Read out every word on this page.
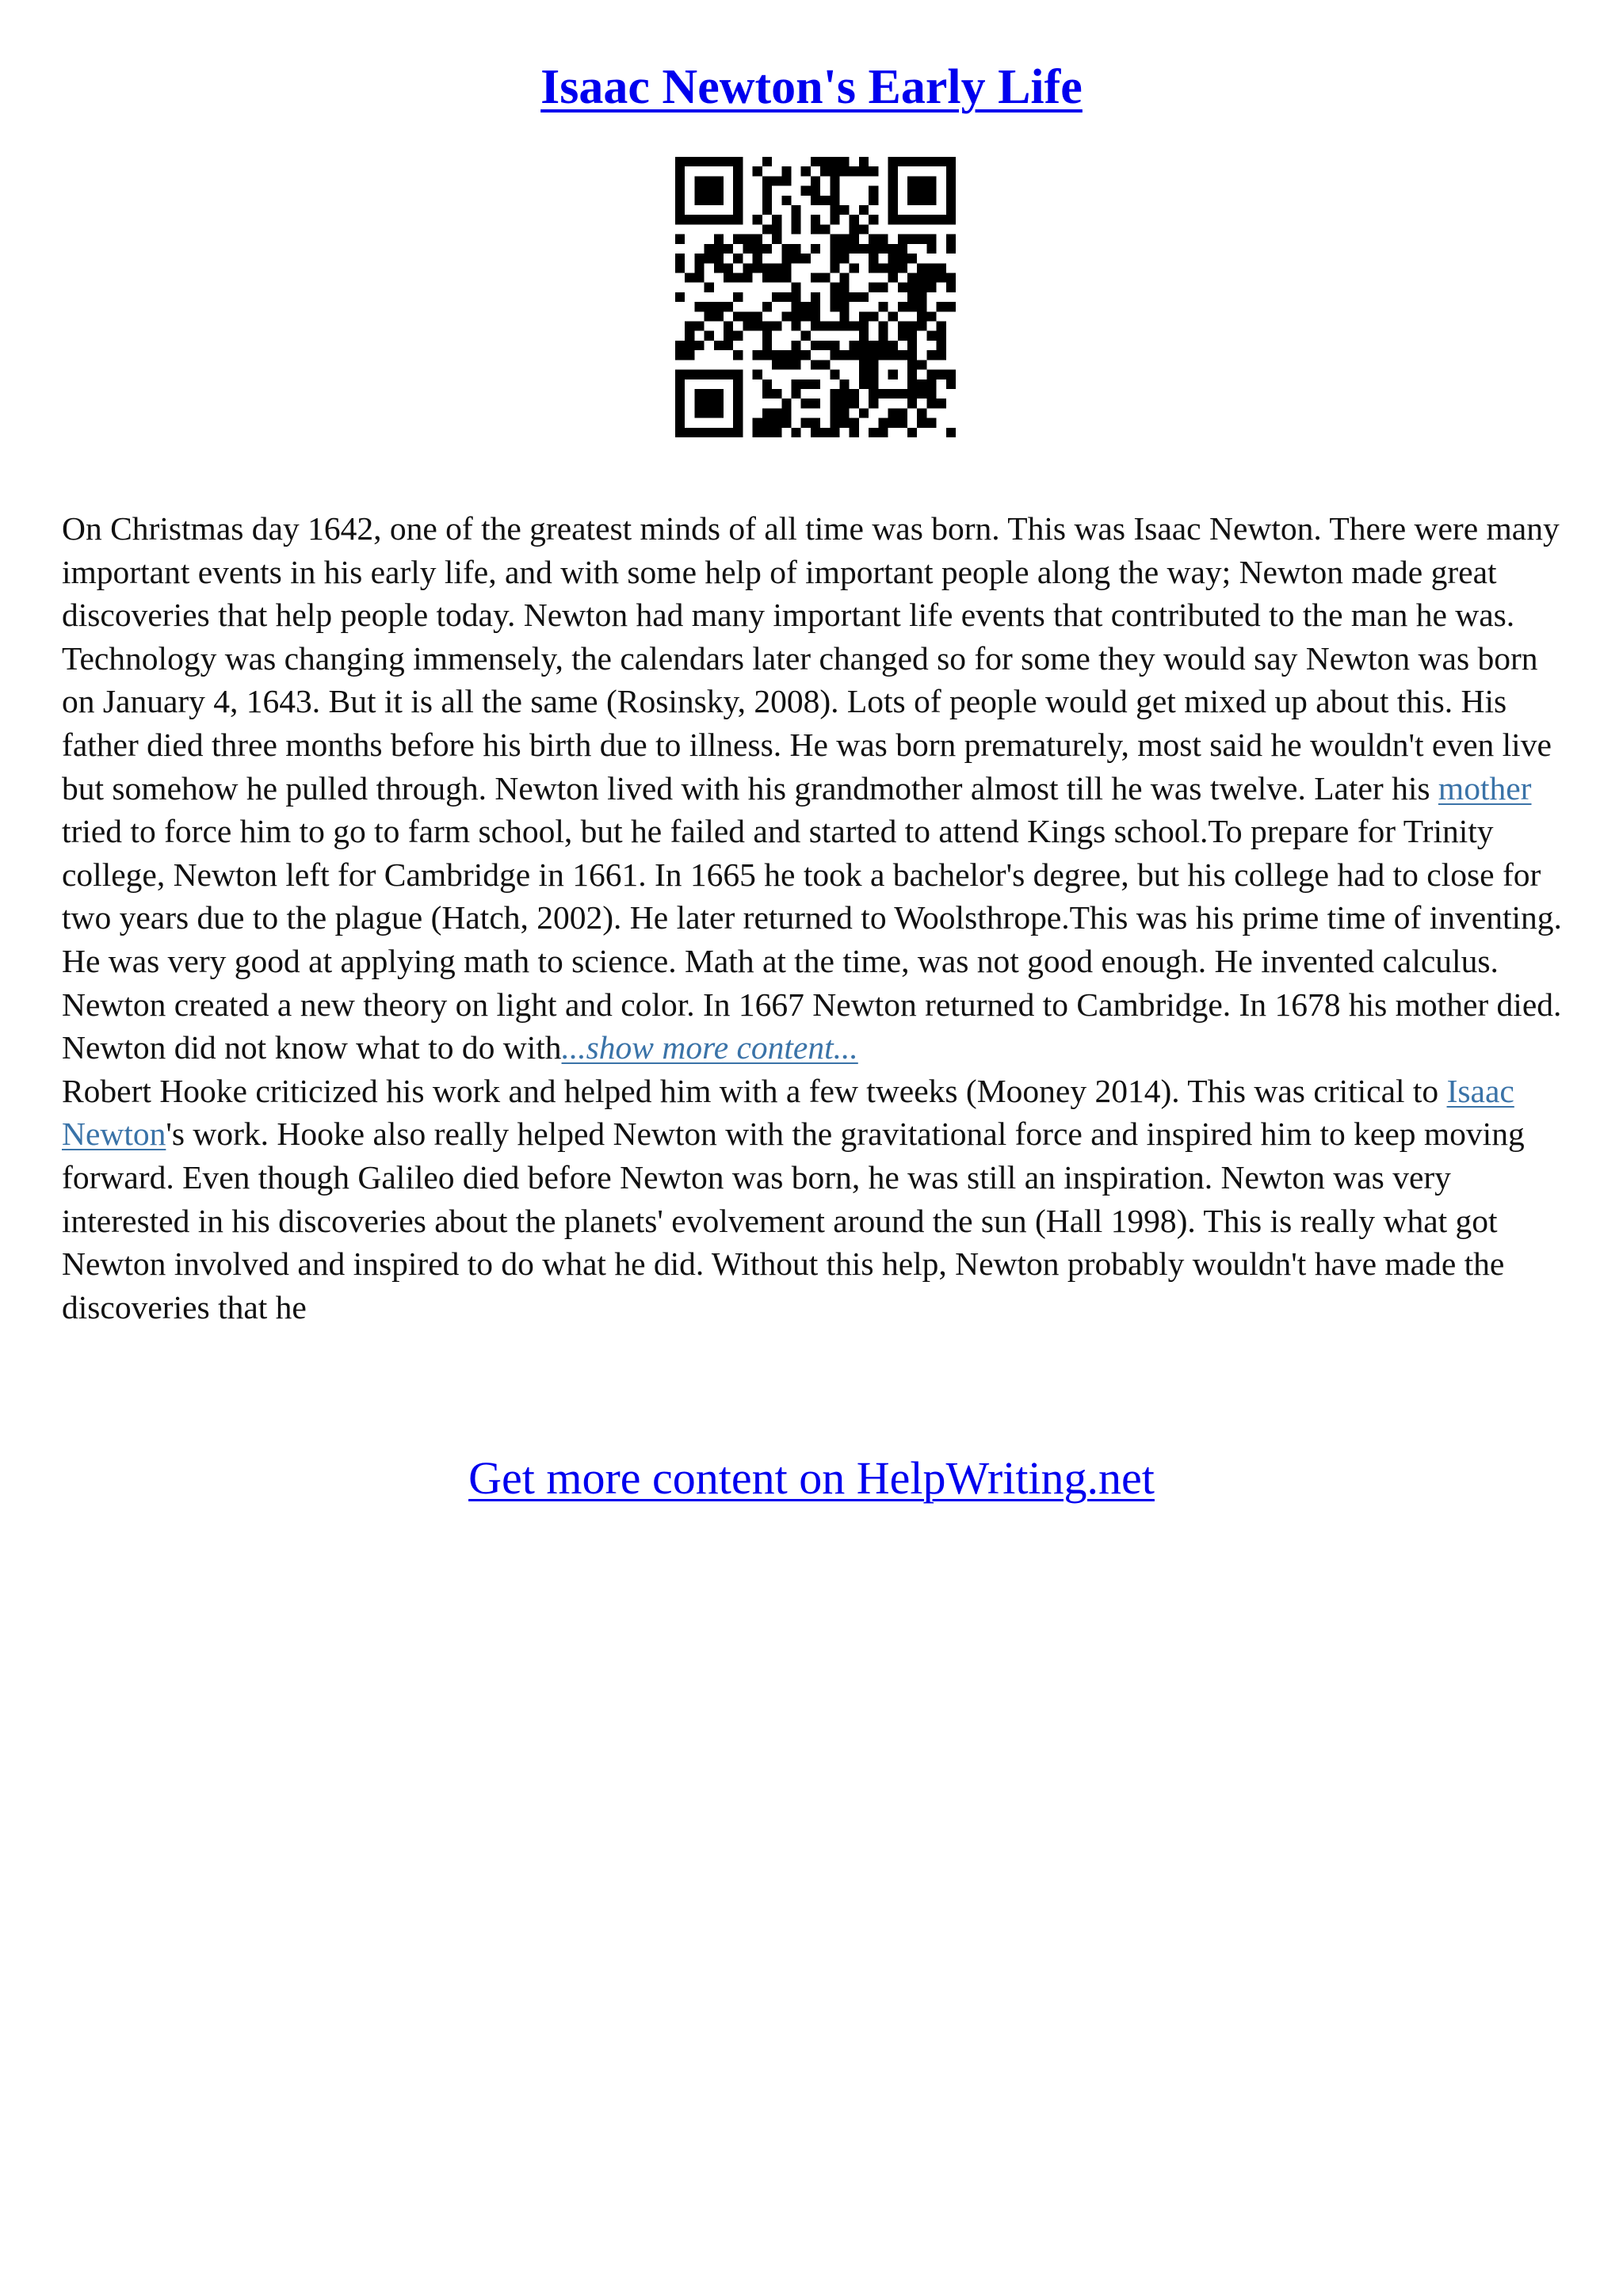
Isaac Newton's Early Life

On Christmas day 1642, one of the greatest minds of all time was born. This was Isaac Newton. There were many important events in his early life, and with some help of important people along the way; Newton made great discoveries that help people today. Newton had many important life events that contributed to the man he was. Technology was changing immensely, the calendars later changed so for some they would say Newton was born on January 4, 1643. But it is all the same (Rosinsky, 2008). Lots of people would get mixed up about this. His father died three months before his birth due to illness. He was born prematurely, most said he wouldn't even live but somehow he pulled through. Newton lived with his grandmother almost till he was twelve. Later his mother tried to force him to go to farm school, but he failed and started to attend Kings school.To prepare for Trinity college, Newton left for Cambridge in 1661. In 1665 he took a bachelor's degree, but his college had to close for two years due to the plague (Hatch, 2002). He later returned to Woolsthrope.This was his prime time of inventing. He was very good at applying math to science. Math at the time, was not good enough. He invented calculus. Newton created a new theory on light and color. In 1667 Newton returned to Cambridge. In 1678 his mother died. Newton did not know what to do with...show more content...

Robert Hooke criticized his work and helped him with a few tweeks (Mooney 2014). This was critical to Isaac Newton's work. Hooke also really helped Newton with the gravitational force and inspired him to keep moving forward. Even though Galileo died before Newton was born, he was still an inspiration. Newton was very interested in his discoveries about the planets' evolvement around the sun (Hall 1998). This is really what got Newton involved and inspired to do what he did. Without this help, Newton probably wouldn't have made the discoveries that he

Get more content on HelpWriting.net
